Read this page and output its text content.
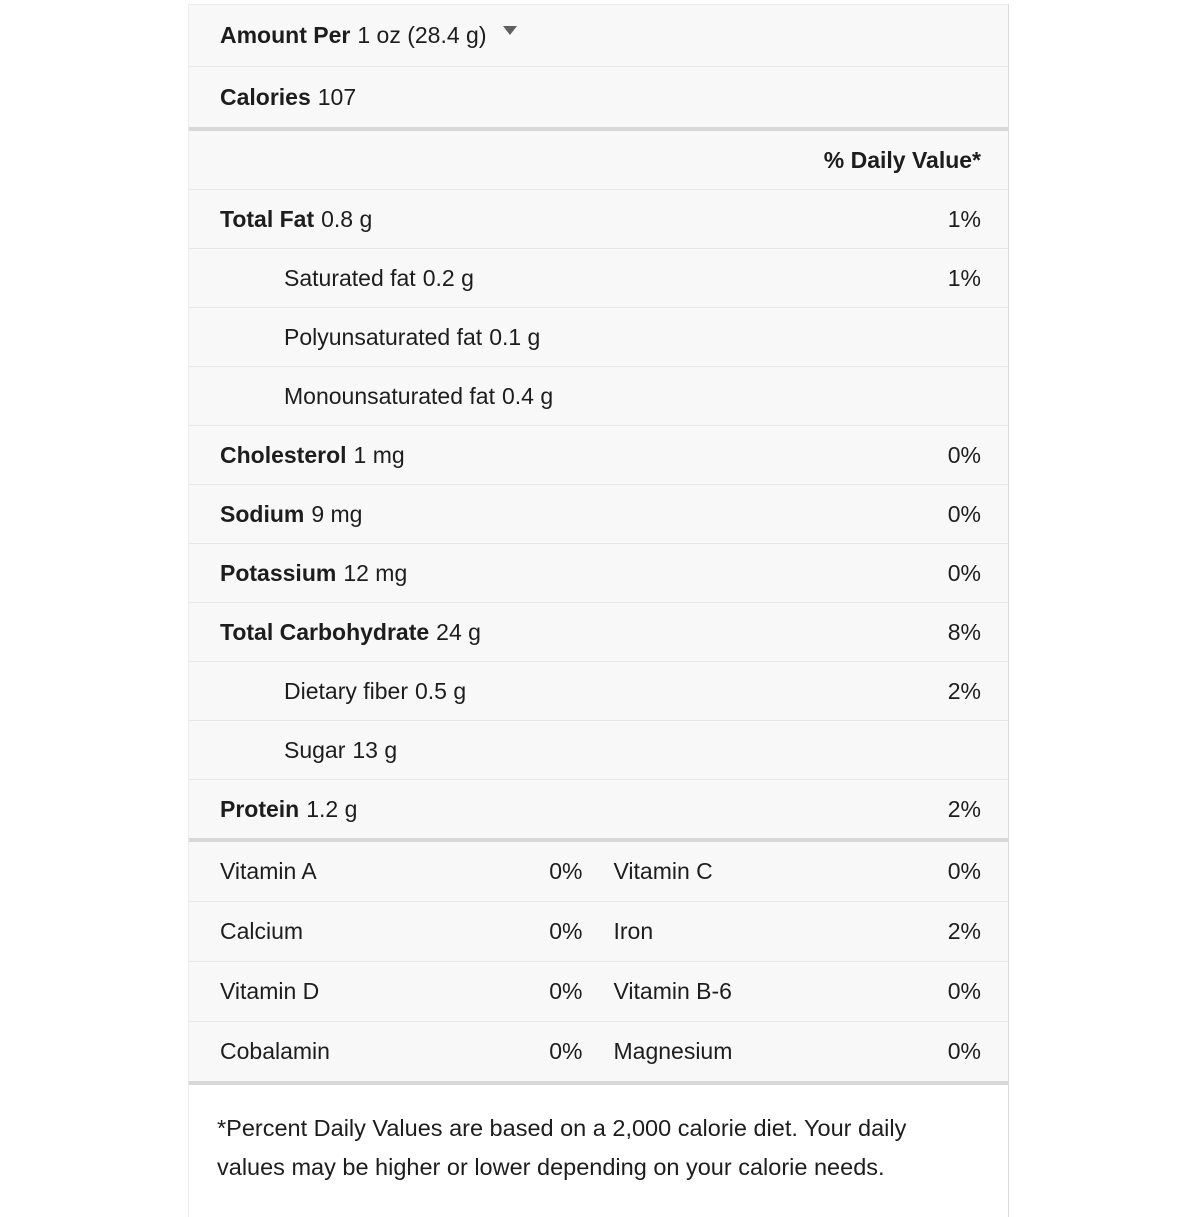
Amount Per 1 oz (28.4 g)
Calories 107
% Daily Value*
Total Fat 0.8 g	1%
Saturated fat 0.2 g	1%
Polyunsaturated fat 0.1 g
Monounsaturated fat 0.4 g
Cholesterol 1 mg	0%
Sodium 9 mg	0%
Potassium 12 mg	0%
Total Carbohydrate 24 g	8%
Dietary fiber 0.5 g	2%
Sugar 13 g
Protein 1.2 g	2%
Vitamin A	0% Vitamin C	0%
Calcium	0% Iron	2%
Vitamin D	0% Vitamin B-6	0%
Cobalamin	0% Magnesium	0%

*Percent Daily Values are based on a 2,000 calorie diet. Your daily values may be higher or lower depending on your calorie needs.
